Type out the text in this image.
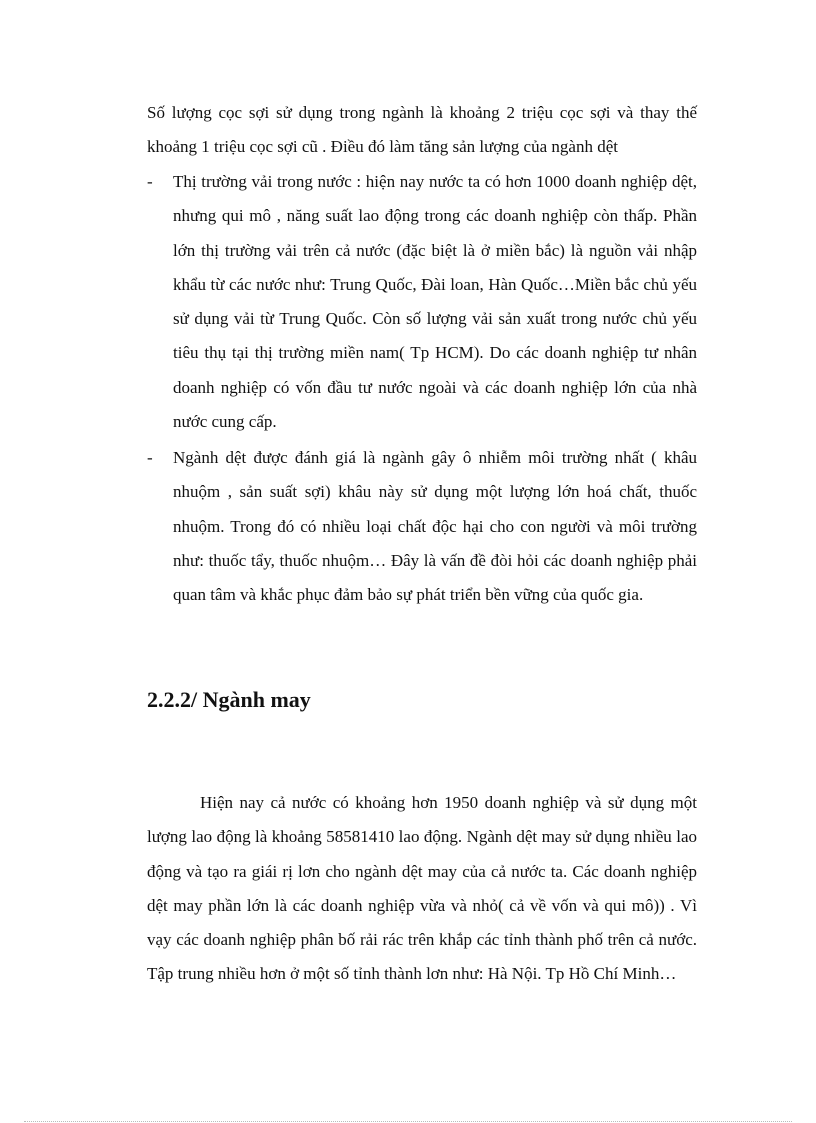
Số lượng cọc sợi sử dụng trong ngành là khoảng 2 triệu cọc sợi và thay thế khoảng 1 triệu cọc sợi cũ . Điều đó làm tăng sản lượng của ngành dệt

-	Thị trường vải trong nước : hiện nay nước ta có hơn 1000 doanh nghiệp dệt, nhưng qui mô , năng suất lao động trong các doanh nghiệp còn thấp. Phần lớn thị trường vải trên cả nước (đặc biệt là ở miền bắc) là nguồn vải nhập khẩu từ các nước như: Trung Quốc, Đài loan, Hàn Quốc…Miền bắc chủ yếu sử dụng vải từ Trung Quốc. Còn số lượng vải sản xuất trong nước chủ yếu tiêu thụ tại thị trường miền nam( Tp HCM). Do các doanh nghiệp tư nhân doanh nghiệp có vốn đầu tư nước ngoài và các doanh nghiệp lớn của nhà nước cung cấp.
-	Ngành dệt được đánh giá là ngành gây ô nhiễm môi trường nhất ( khâu nhuộm , sản suất sợi) khâu này sử dụng một lượng lớn hoá chất, thuốc nhuộm. Trong đó có nhiều loại chất độc hại cho con người và môi trường như: thuốc tẩy, thuốc nhuộm… Đây là vấn đề đòi hỏi các doanh nghiệp phải quan tâm và khắc phục đảm bảo sự phát triển bền vững của quốc gia.
2.2.2/ Ngành may

Hiện nay cả nước có khoảng hơn 1950 doanh nghiệp và sử dụng một lượng lao động là khoảng 58581410 lao động. Ngành dệt may sử dụng nhiều lao động và tạo ra giái rị lơn cho ngành dệt may của cả nước ta. Các doanh nghiệp dệt may phần lớn là các doanh nghiệp vừa và nhỏ( cả về vốn và qui mô)) . Vì vạy các doanh nghiệp phân bố rải rác trên khắp các tỉnh thành phố trên cả nước. Tập trung nhiều hơn ở một số tỉnh thành lơn như: Hà Nội. Tp Hồ Chí Minh…
